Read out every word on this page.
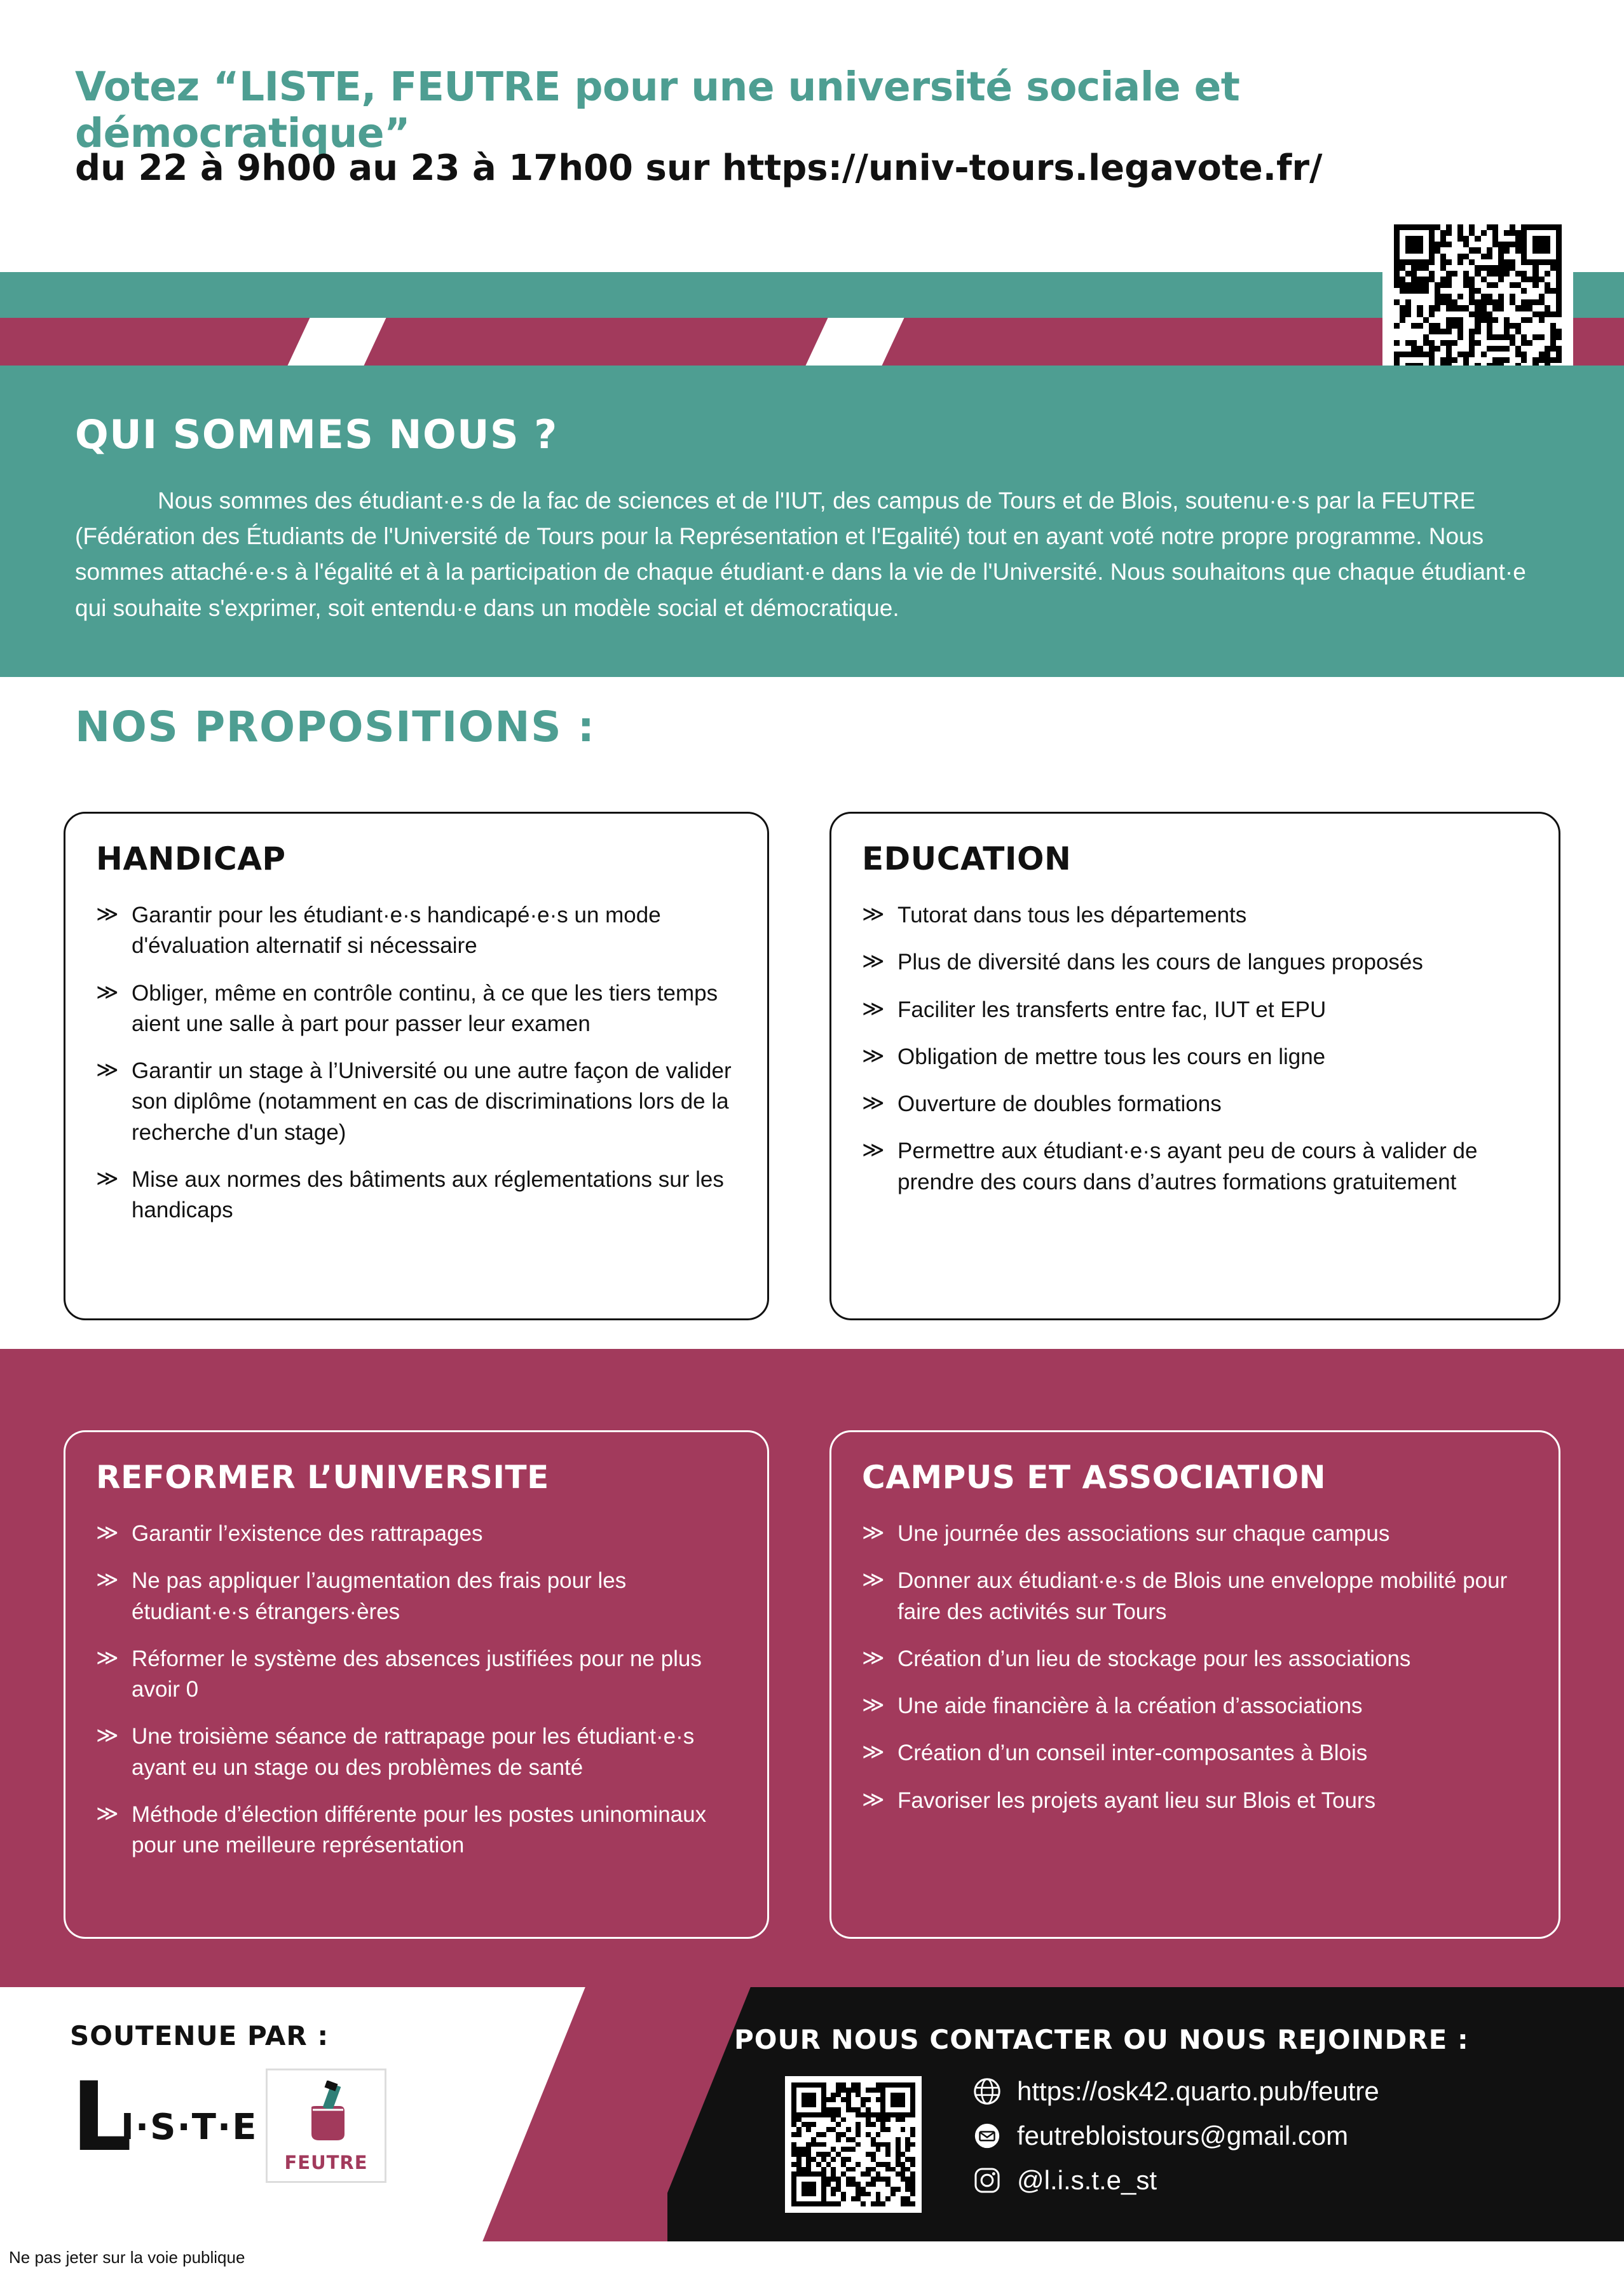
Votez “LISTE, FEUTRE pour une université sociale et démocratique”
du 22 à 9h00 au 23 à 17h00 sur https://univ-tours.legavote.fr/
QUI SOMMES NOUS ?
Nous sommes des étudiant·e·s de la fac de sciences et de l'IUT, des campus de Tours et de Blois, soutenu·e·s par la FEUTRE (Fédération des Étudiants de l'Université de Tours pour la Représentation et l'Egalité) tout en ayant voté notre propre programme. Nous sommes attaché·e·s à l'égalité et à la participation de chaque étudiant·e dans la vie de l'Université. Nous souhaitons que chaque étudiant·e qui souhaite s'exprimer, soit entendu·e dans un modèle social et démocratique.
NOS PROPOSITIONS :
HANDICAP
≫ Garantir pour les étudiant·e·s handicapé·e·s un mode d'évaluation alternatif si nécessaire
≫ Obliger, même en contrôle continu, à ce que les tiers temps aient une salle à part pour passer leur examen
≫ Garantir un stage à l’Université ou une autre façon de valider son diplôme (notamment en cas de discriminations lors de la recherche d'un stage)
≫ Mise aux normes des bâtiments aux réglementations sur les handicaps
EDUCATION
≫ Tutorat dans tous les départements
≫ Plus de diversité dans les cours de langues proposés
≫ Faciliter les transferts entre fac, IUT et EPU
≫ Obligation de mettre tous les cours en ligne
≫ Ouverture de doubles formations
≫ Permettre aux étudiant·e·s ayant peu de cours à valider de prendre des cours dans d’autres formations gratuitement
REFORMER L’UNIVERSITE
≫ Garantir l’existence des rattrapages
≫ Ne pas appliquer l’augmentation des frais pour les étudiant·e·s étrangers·ères
≫ Réformer le système des absences justifiées pour ne plus avoir 0
≫ Une troisième séance de rattrapage pour les étudiant·e·s ayant eu un stage ou des problèmes de santé
≫ Méthode d’élection différente pour les postes uninominaux pour une meilleure représentation
CAMPUS ET ASSOCIATION
≫ Une journée des associations sur chaque campus
≫ Donner aux étudiant·e·s de Blois une enveloppe mobilité pour faire des activités sur Tours
≫ Création d’un lieu de stockage pour les associations
≫ Une aide financière à la création d’associations
≫ Création d’un conseil inter-composantes à Blois
≫ Favoriser les projets ayant lieu sur Blois et Tours
SOUTENUE PAR :
L
I·S·T·E
FEUTRE
POUR NOUS CONTACTER OU NOUS REJOINDRE :
https://osk42.quarto.pub/feutre
feutrebloistours@gmail.com
@l.i.s.t.e_st
Ne pas jeter sur la voie publique
